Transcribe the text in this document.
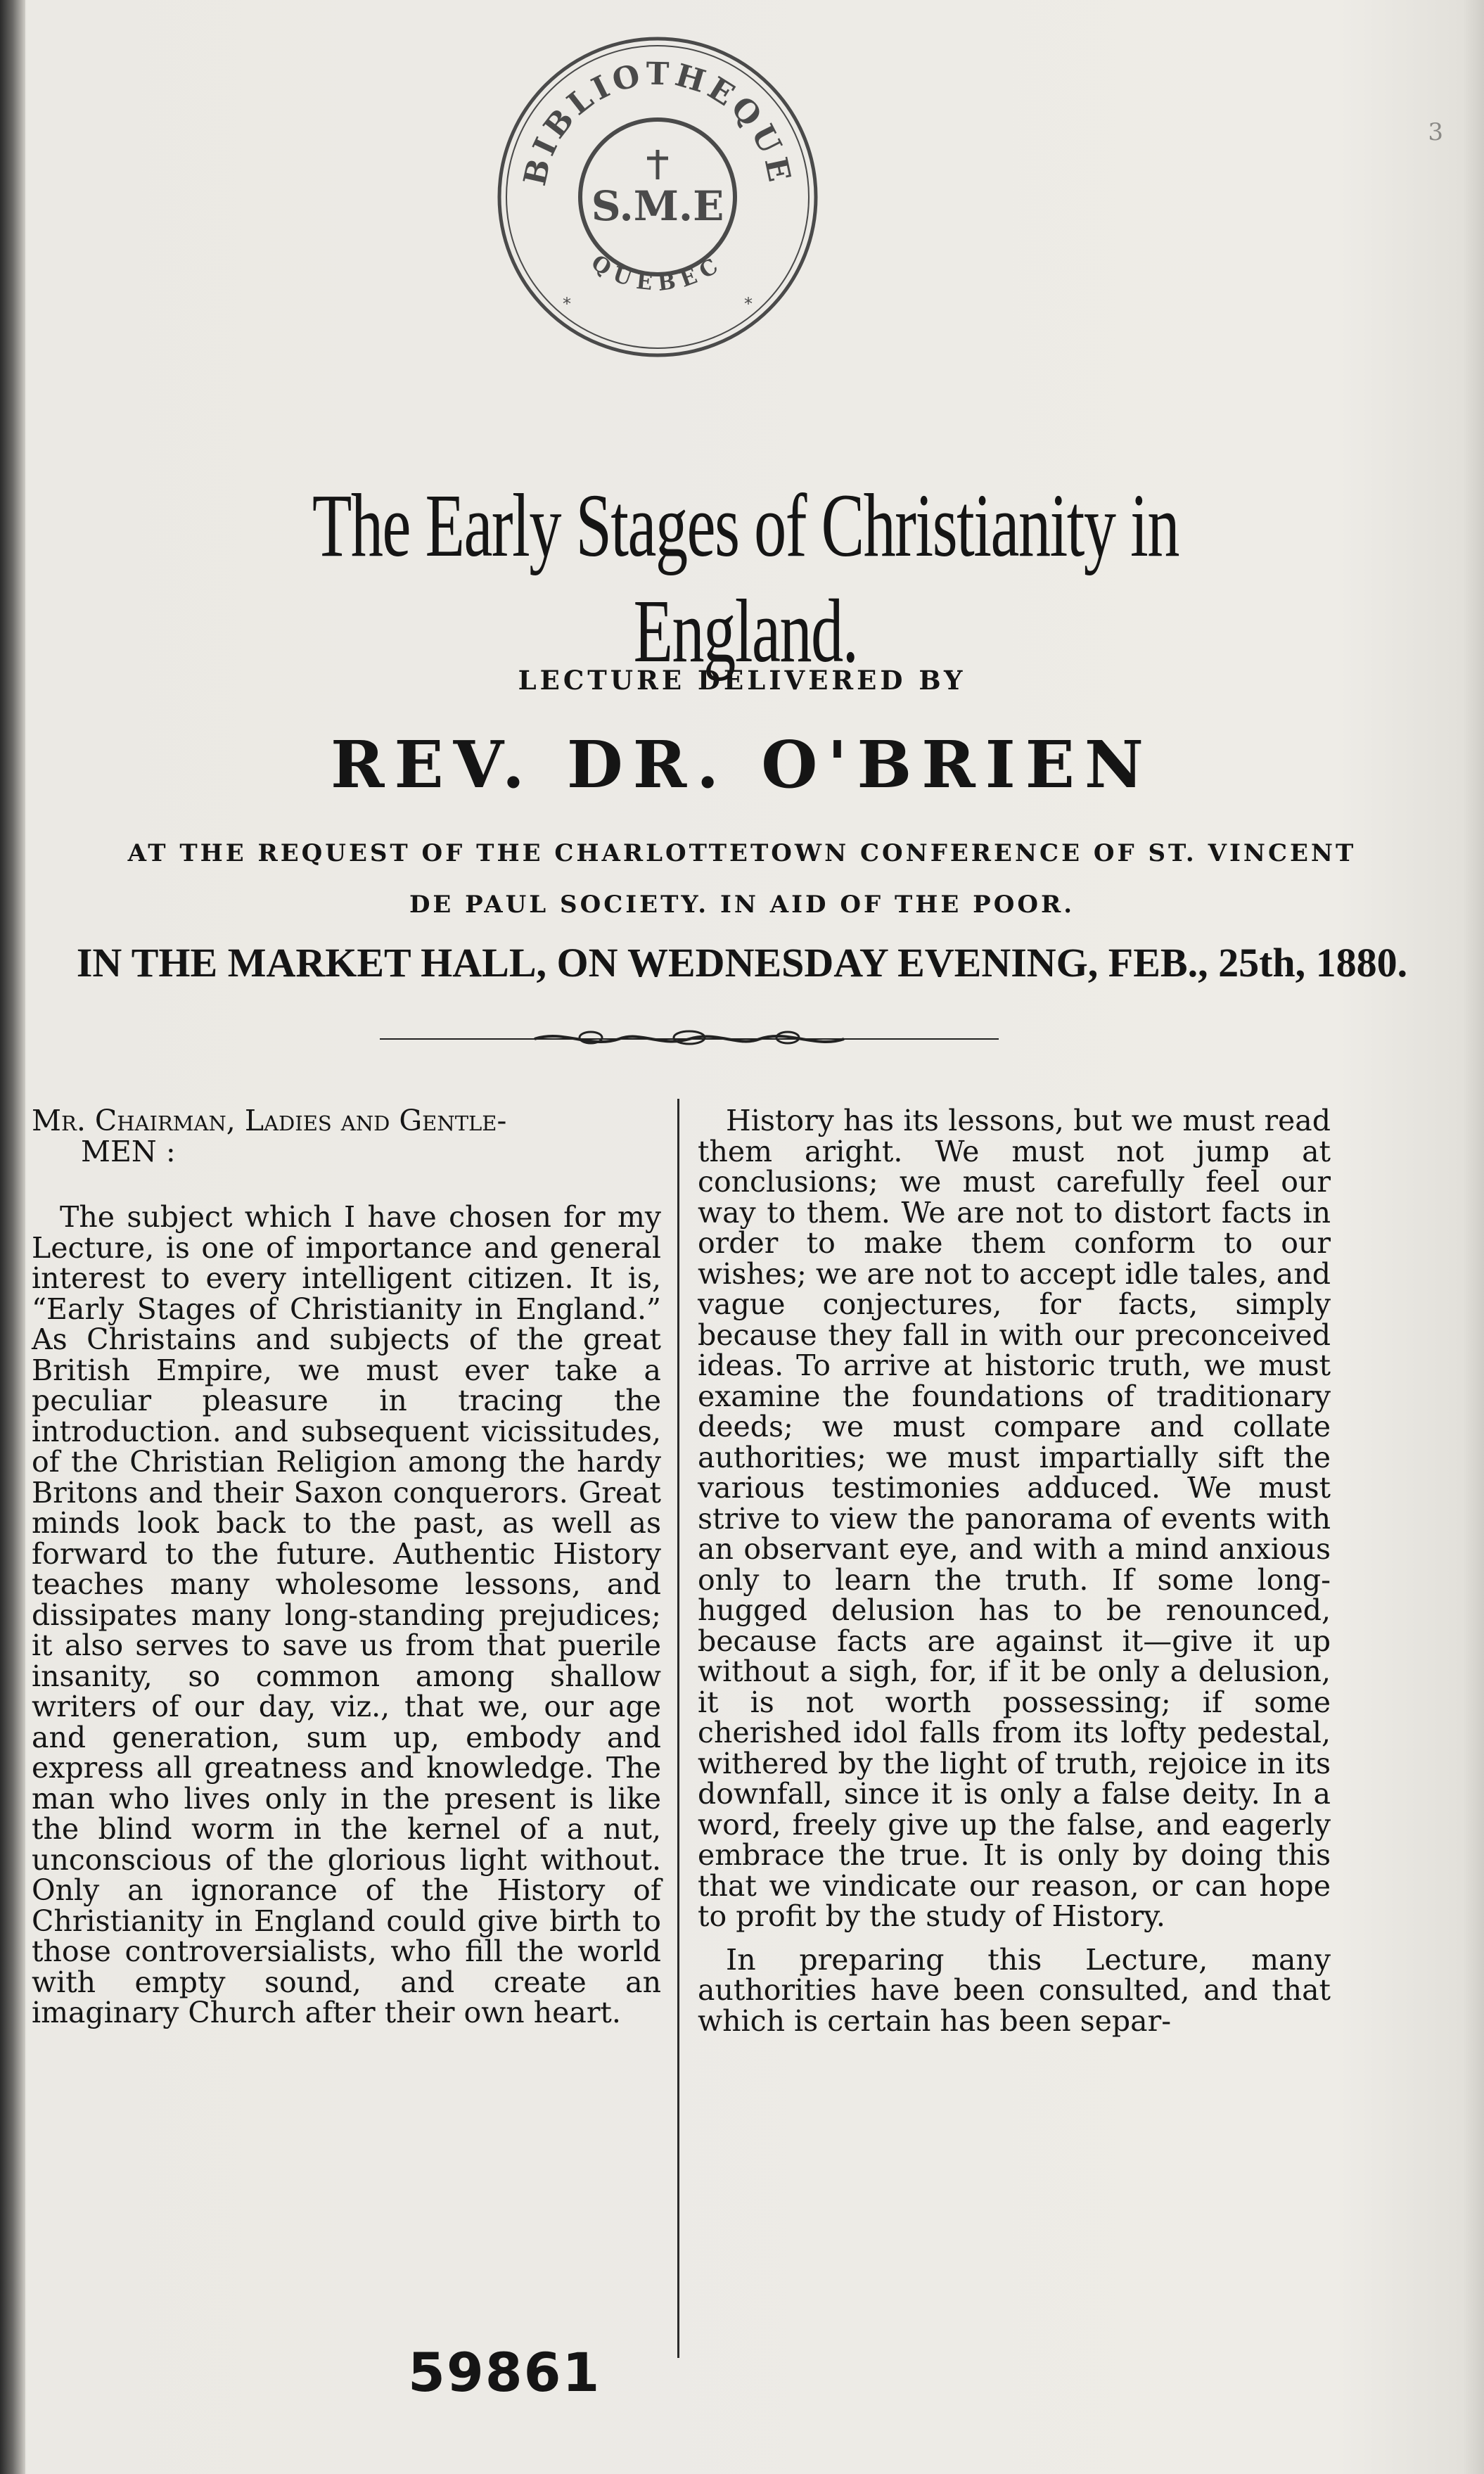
3
BIBLIOTHEQUE
QUEBEC
S.M.E
*	*
The Early Stages of Christianity in England.
LECTURE DELIVERED BY
REV. DR. O'BRIEN
AT THE REQUEST OF THE CHARLOTTETOWN CONFERENCE OF ST. VINCENT
DE PAUL SOCIETY. IN AID OF THE POOR.
IN THE MARKET HALL, ON WEDNESDAY EVENING, FEB., 25th, 1880.

Mr. Chairman, Ladies and Gentle-

MEN :

The subject which I have chosen for my Lecture, is one of importance and general interest to every intelligent citizen. It is, “Early Stages of Christianity in England.” As Christains and subjects of the great British Empire, we must ever take a peculiar pleasure in tracing the introduction. and subsequent vicissitudes, of the Christian Religion among the hardy Britons and their Saxon conquerors. Great minds look back to the past, as well as forward to the future. Authentic History teaches many wholesome lessons, and dissipates many long-standing prejudices; it also serves to save us from that puerile insanity, so common among shallow writers of our day, viz., that we, our age and generation, sum up, embody and express all greatness and knowledge. The man who lives only in the present is like the blind worm in the kernel of a nut, unconscious of the glorious light without. Only an ignorance of the History of Christianity in England could give birth to those controversialists, who fill the world with empty sound, and create an imaginary Church after their own heart.

History has its lessons, but we must read them aright. We must not jump at conclusions; we must carefully feel our way to them. We are not to distort facts in order to make them conform to our wishes; we are not to accept idle tales, and vague conjectures, for facts, simply because they fall in with our preconceived ideas. To arrive at historic truth, we must examine the foundations of traditionary deeds; we must compare and collate authorities; we must impartially sift the various testimonies adduced. We must strive to view the panorama of events with an observant eye, and with a mind anxious only to learn the truth. If some long-hugged delusion has to be renounced, because facts are against it—give it up without a sigh, for, if it be only a delusion, it is not worth possessing; if some cherished idol falls from its lofty pedestal, withered by the light of truth, rejoice in its downfall, since it is only a false deity. In a word, freely give up the false, and eagerly embrace the true. It is only by doing this that we vindicate our reason, or can hope to profit by the study of History.

In preparing this Lecture, many authorities have been consulted, and that which is certain has been separ-

59861
